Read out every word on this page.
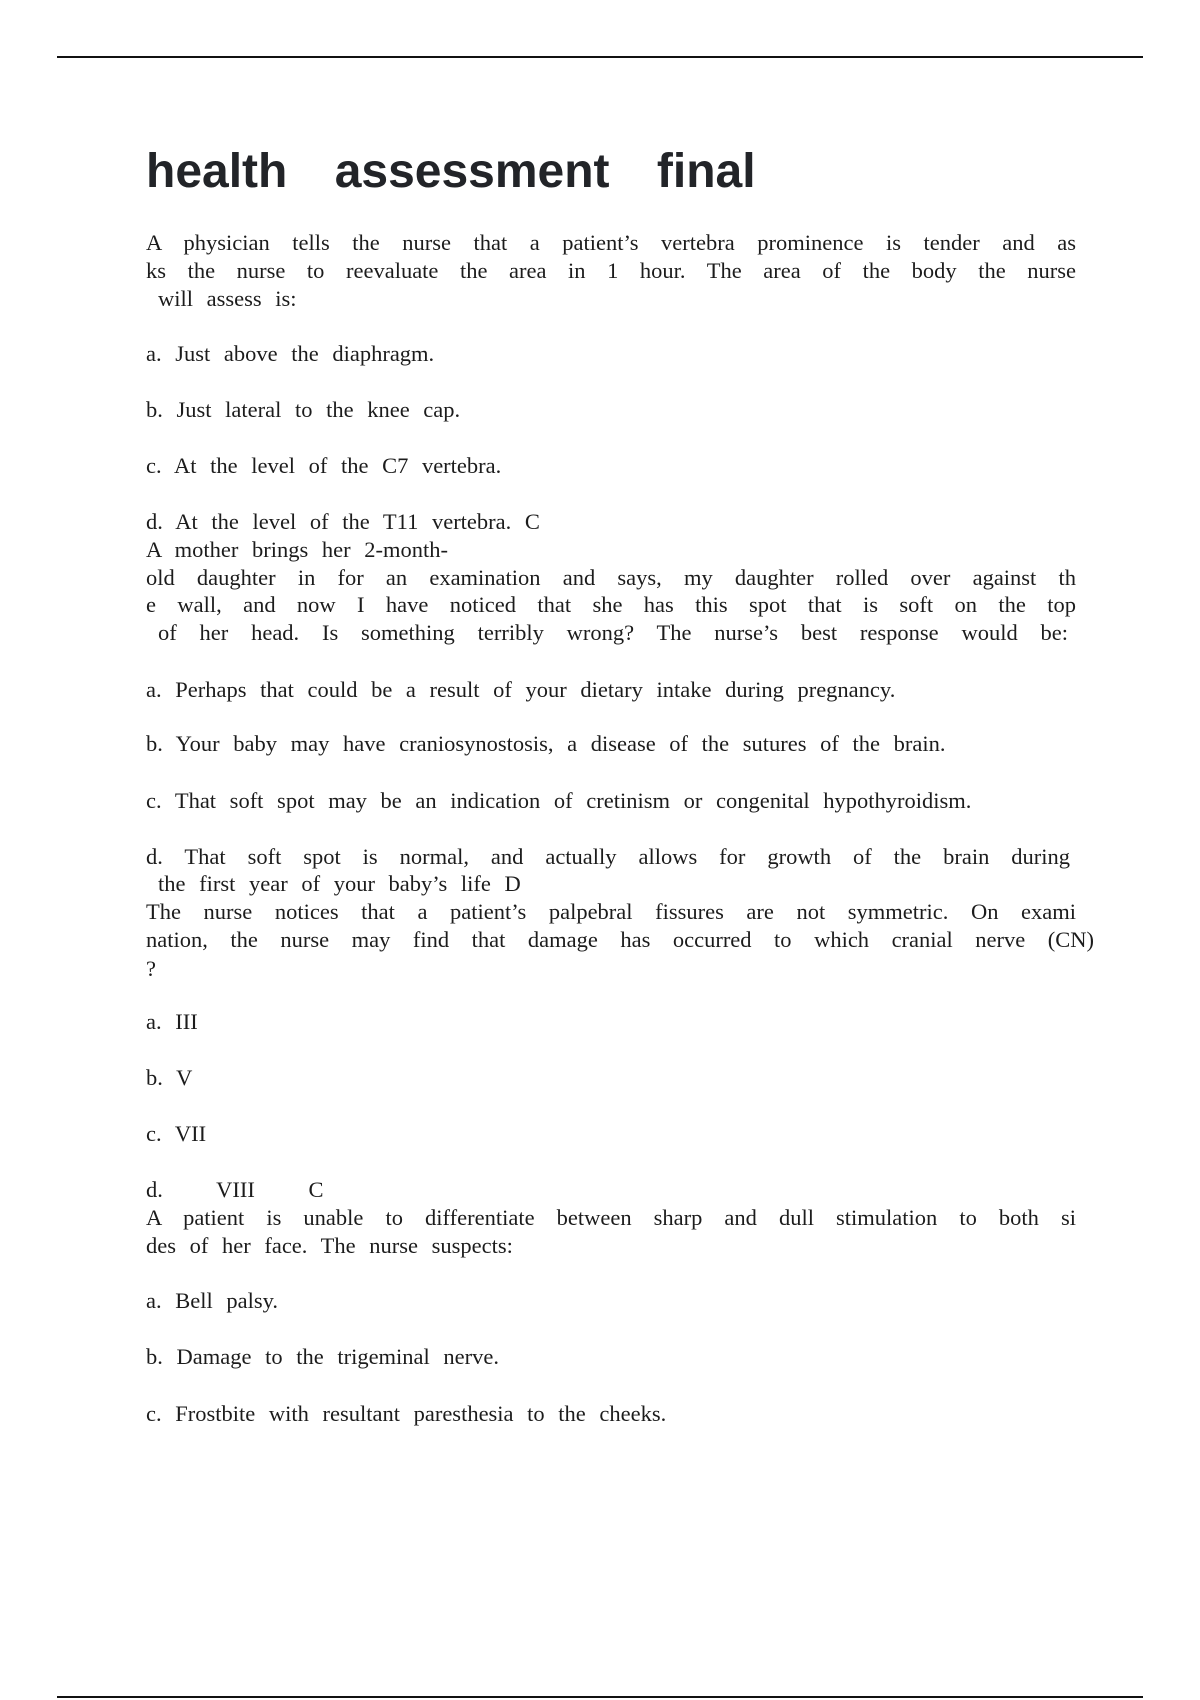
health assessment final
A physician tells the nurse that a patient’s vertebra prominence is tender and as
ks the nurse to reevaluate the area in 1 hour. The area of the body the nurse
will assess is:
a. Just above the diaphragm.
b. Just lateral to the knee cap.
c. At the level of the C7 vertebra.
d. At the level of the T11 vertebra. C
A mother brings her 2-month-
old daughter in for an examination and says, my daughter rolled over against th
e wall, and now I have noticed that she has this spot that is soft on the top
of her head. Is something terribly wrong? The nurse’s best response would be:
a. Perhaps that could be a result of your dietary intake during pregnancy.
b. Your baby may have craniosynostosis, a disease of the sutures of the brain.
c. That soft spot may be an indication of cretinism or congenital hypothyroidism.
d. That soft spot is normal, and actually allows for growth of the brain during
the first year of your baby’s life D
The nurse notices that a patient’s palpebral fissures are not symmetric. On exami
nation, the nurse may find that damage has occurred to which cranial nerve (CN)
?
a. III
b. V
c. VII
d. VIII C
A patient is unable to differentiate between sharp and dull stimulation to both si
des of her face. The nurse suspects:
a. Bell palsy.
b. Damage to the trigeminal nerve.
c. Frostbite with resultant paresthesia to the cheeks.
